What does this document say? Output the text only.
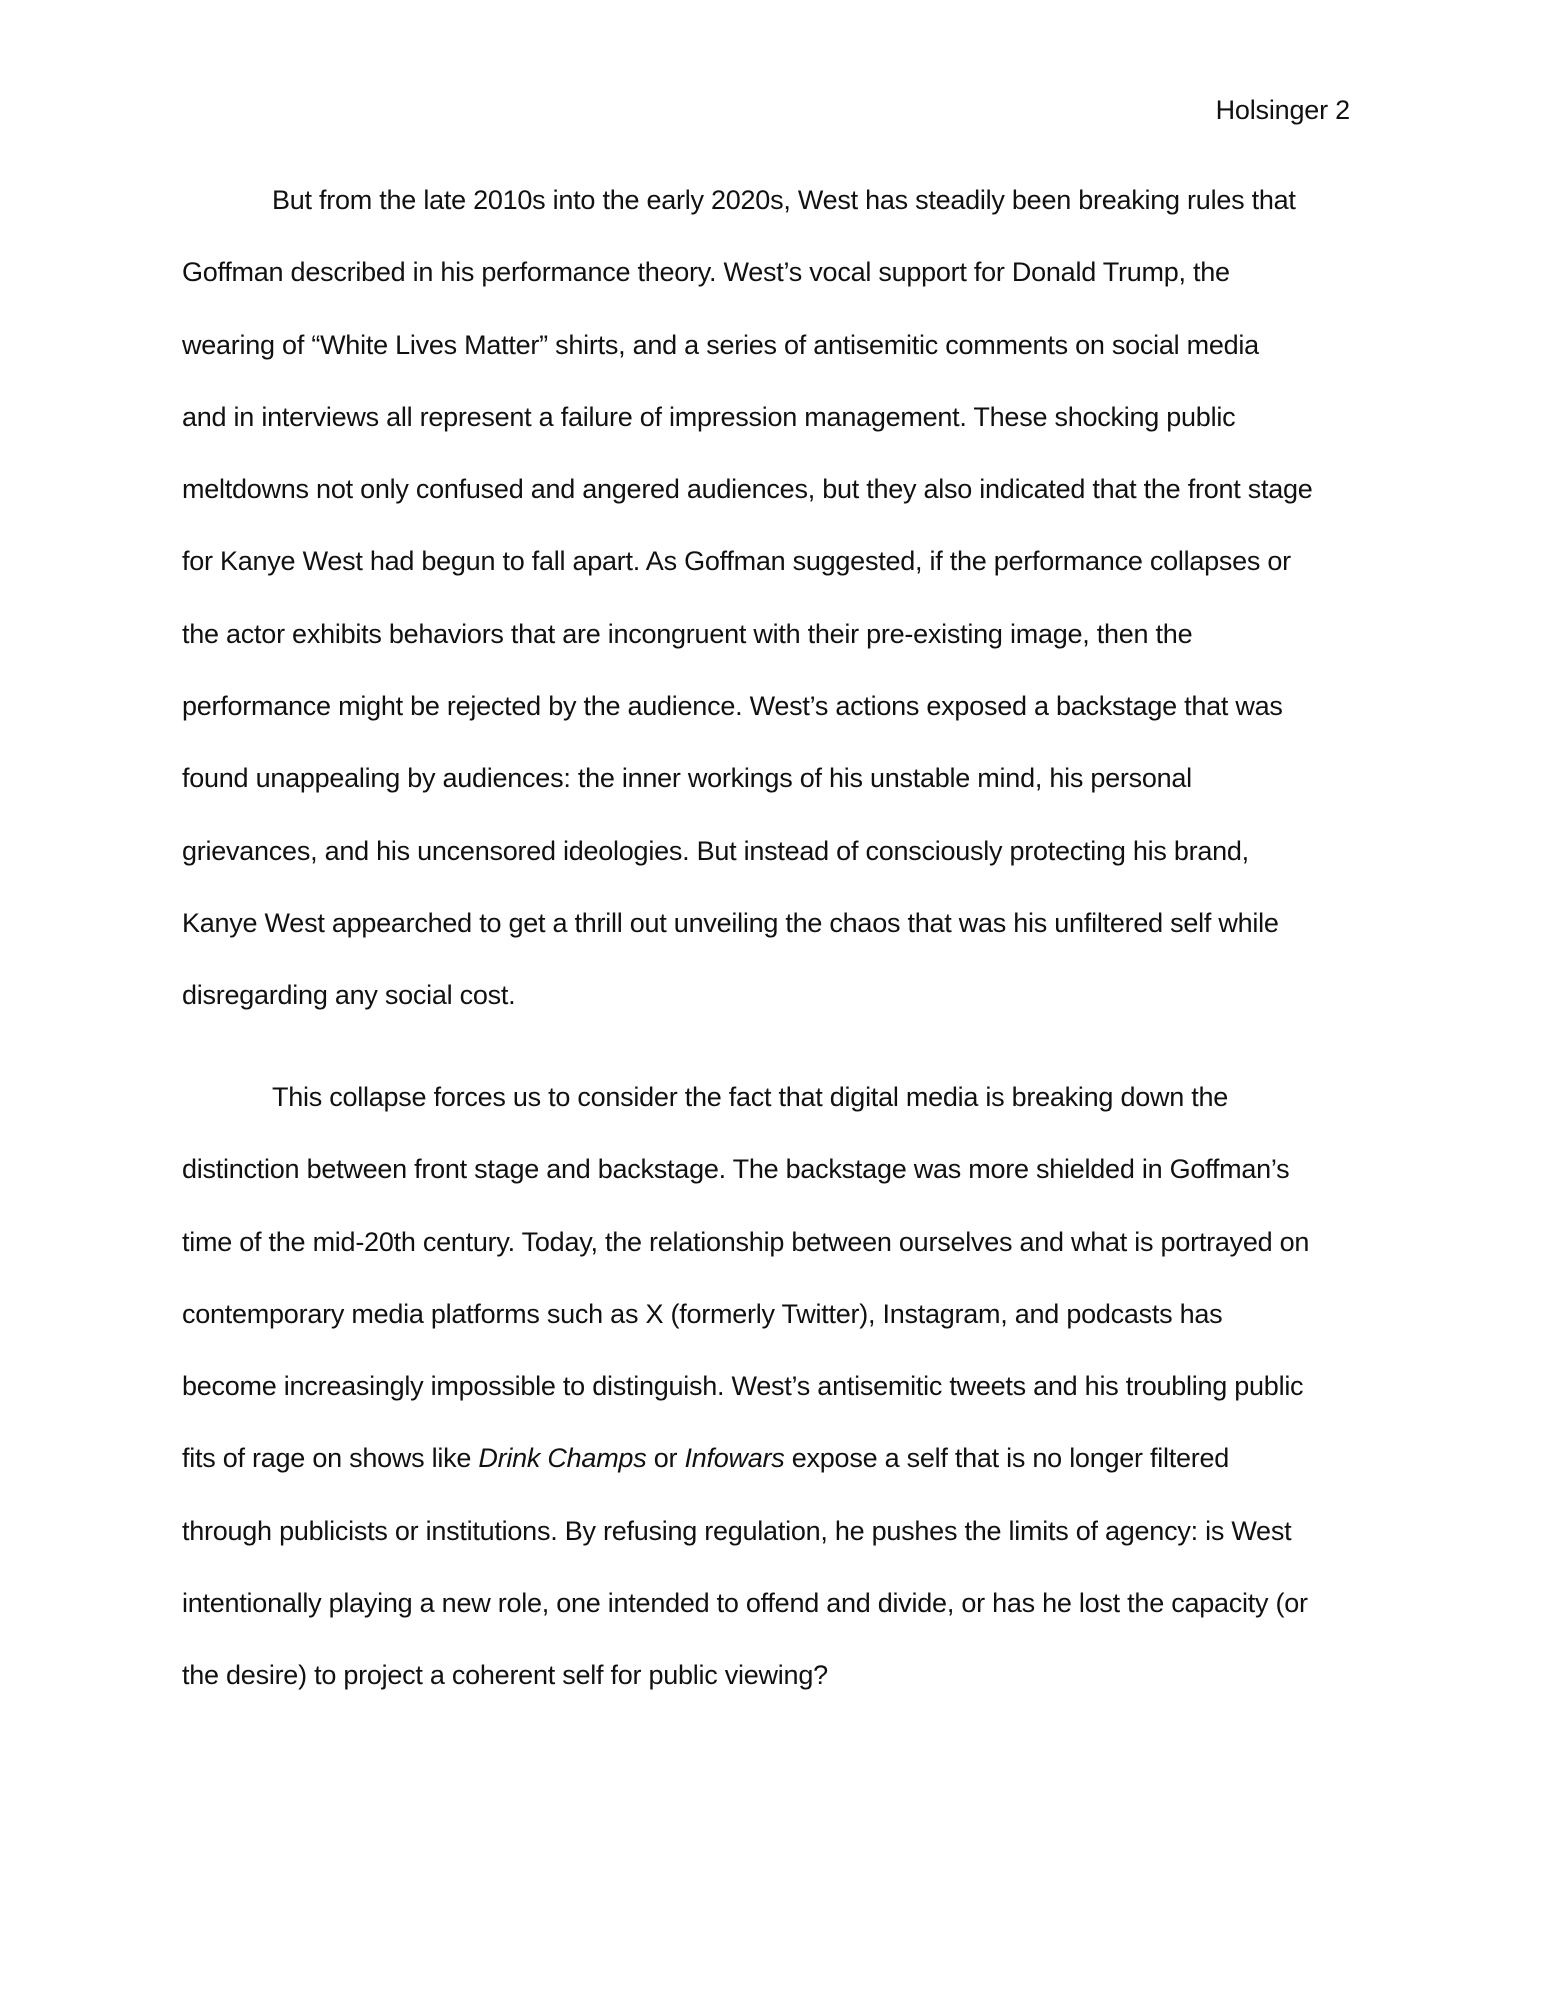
Holsinger 2
But from the late 2010s into the early 2020s, West has steadily been breaking rules that
Goffman described in his performance theory. West’s vocal support for Donald Trump, the
wearing of “White Lives Matter” shirts, and a series of antisemitic comments on social media
and in interviews all represent a failure of impression management. These shocking public
meltdowns not only confused and angered audiences, but they also indicated that the front stage
for Kanye West had begun to fall apart. As Goffman suggested, if the performance collapses or
the actor exhibits behaviors that are incongruent with their pre-existing image, then the
performance might be rejected by the audience. West’s actions exposed a backstage that was
found unappealing by audiences: the inner workings of his unstable mind, his personal
grievances, and his uncensored ideologies. But instead of consciously protecting his brand,
Kanye West appearched to get a thrill out unveiling the chaos that was his unfiltered self while
disregarding any social cost.
This collapse forces us to consider the fact that digital media is breaking down the
distinction between front stage and backstage. The backstage was more shielded in Goffman’s
time of the mid-20th century. Today, the relationship between ourselves and what is portrayed on
contemporary media platforms such as X (formerly Twitter), Instagram, and podcasts has
become increasingly impossible to distinguish. West’s antisemitic tweets and his troubling public
fits of rage on shows like Drink Champs or Infowars expose a self that is no longer filtered
through publicists or institutions. By refusing regulation, he pushes the limits of agency: is West
intentionally playing a new role, one intended to offend and divide, or has he lost the capacity (or
the desire) to project a coherent self for public viewing?
